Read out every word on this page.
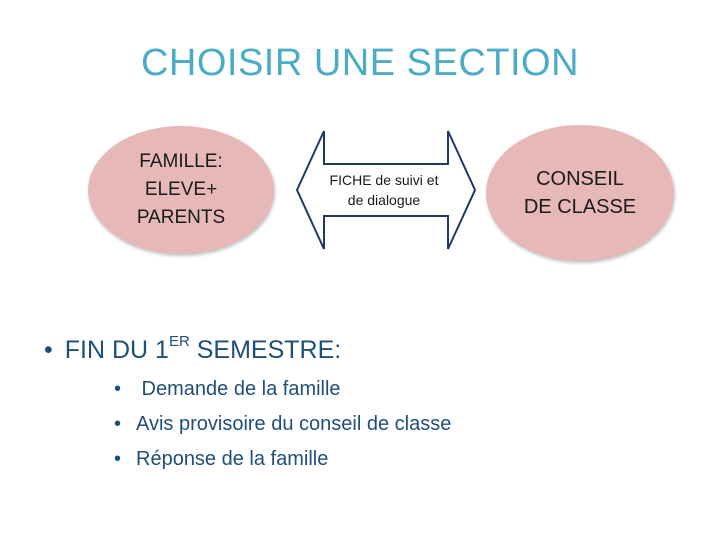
CHOISIR UNE SECTION
FAMILLE:
ELEVE+
PARENTS
FICHE de suivi et
de dialogue
CONSEIL
DE CLASSE
• FIN DU 1ER SEMESTRE:
• Demande de la famille
• Avis provisoire du conseil de classe
• Réponse de la famille
